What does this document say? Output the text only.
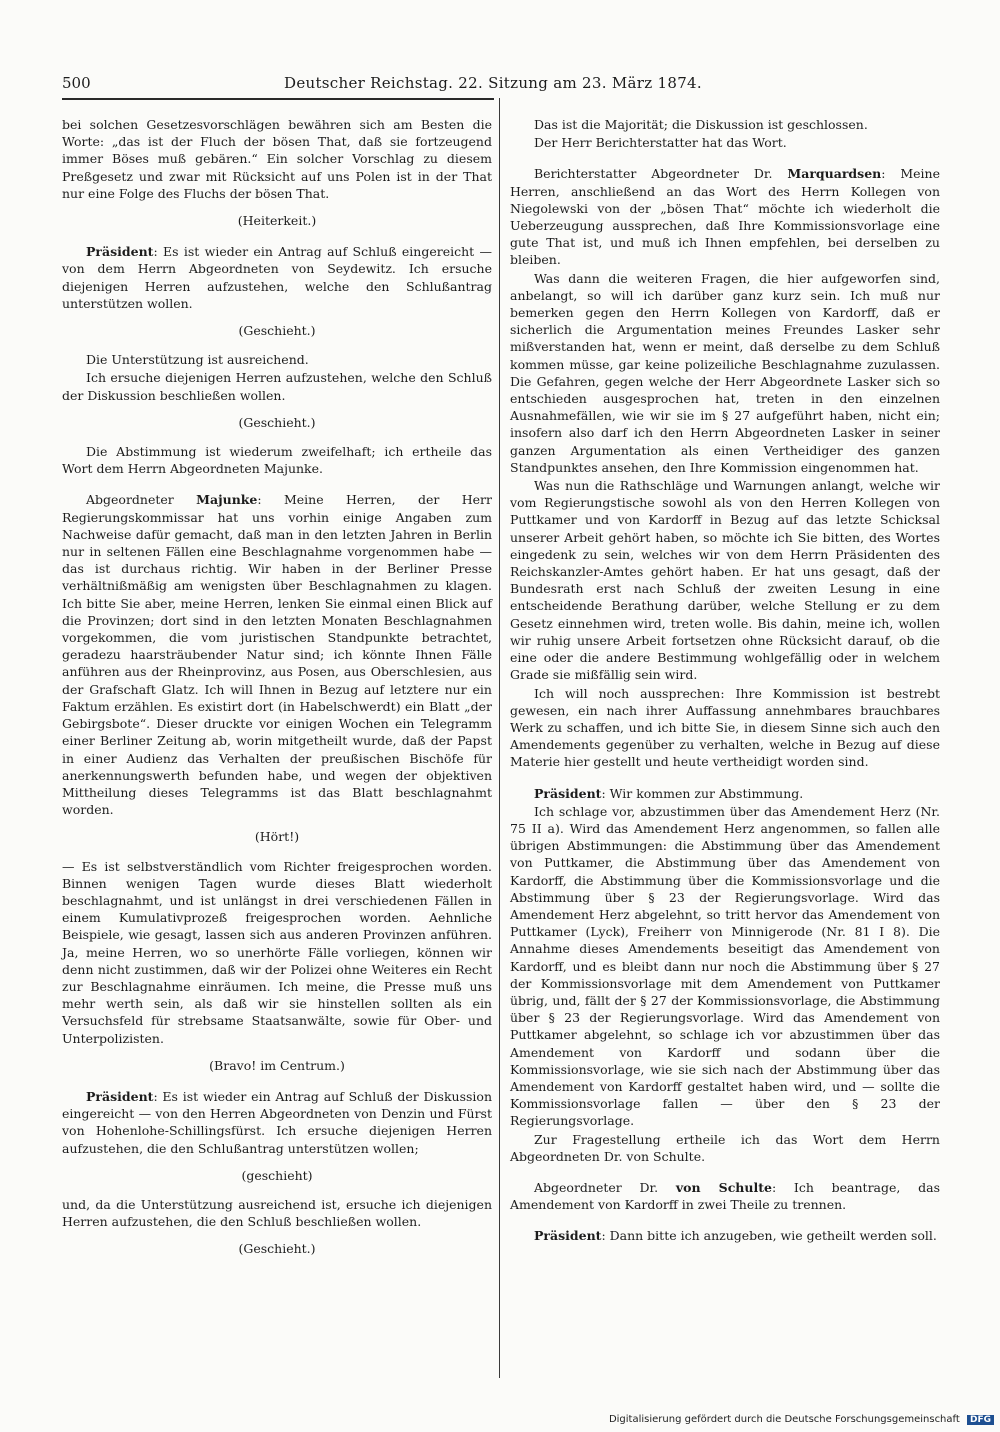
500	Deutscher Reichstag. 22. Sitzung am 23. März 1874.

bei solchen Gesetzesvorschlägen bewähren sich am Besten die Worte: „das ist der Fluch der bösen That, daß sie fortzeugend immer Böses muß gebären.“ Ein solcher Vorschlag zu diesem Preßgesetz und zwar mit Rücksicht auf uns Polen ist in der That nur eine Folge des Fluchs der bösen That.

(Heiterkeit.)

Präsident: Es ist wieder ein Antrag auf Schluß eingereicht — von dem Herrn Abgeordneten von Seydewitz. Ich ersuche diejenigen Herren aufzustehen, welche den Schlußantrag unterstützen wollen.

(Geschieht.)

Die Unterstützung ist ausreichend.

Ich ersuche diejenigen Herren aufzustehen, welche den Schluß der Diskussion beschließen wollen.

(Geschieht.)

Die Abstimmung ist wiederum zweifelhaft; ich ertheile das Wort dem Herrn Abgeordneten Majunke.

Abgeordneter Majunke: Meine Herren, der Herr Regierungskommissar hat uns vorhin einige Angaben zum Nachweise dafür gemacht, daß man in den letzten Jahren in Berlin nur in seltenen Fällen eine Beschlagnahme vorgenommen habe — das ist durchaus richtig. Wir haben in der Berliner Presse verhältnißmäßig am wenigsten über Beschlagnahmen zu klagen. Ich bitte Sie aber, meine Herren, lenken Sie einmal einen Blick auf die Provinzen; dort sind in den letzten Monaten Beschlagnahmen vorgekommen, die vom juristischen Standpunkte betrachtet, geradezu haarsträubender Natur sind; ich könnte Ihnen Fälle anführen aus der Rheinprovinz, aus Posen, aus Oberschlesien, aus der Grafschaft Glatz. Ich will Ihnen in Bezug auf letztere nur ein Faktum erzählen. Es existirt dort (in Habelschwerdt) ein Blatt „der Gebirgsbote“. Dieser druckte vor einigen Wochen ein Telegramm einer Berliner Zeitung ab, worin mitgetheilt wurde, daß der Papst in einer Audienz das Verhalten der preußischen Bischöfe für anerkennungswerth befunden habe, und wegen der objektiven Mittheilung dieses Telegramms ist das Blatt beschlagnahmt worden.

(Hört!)

— Es ist selbstverständlich vom Richter freigesprochen worden. Binnen wenigen Tagen wurde dieses Blatt wiederholt beschlagnahmt, und ist unlängst in drei verschiedenen Fällen in einem Kumulativprozeß freigesprochen worden. Aehnliche Beispiele, wie gesagt, lassen sich aus anderen Provinzen anführen. Ja, meine Herren, wo so unerhörte Fälle vorliegen, können wir denn nicht zustimmen, daß wir der Polizei ohne Weiteres ein Recht zur Beschlagnahme einräumen. Ich meine, die Presse muß uns mehr werth sein, als daß wir sie hinstellen sollten als ein Versuchsfeld für strebsame Staatsanwälte, sowie für Ober- und Unterpolizisten.

(Bravo! im Centrum.)

Präsident: Es ist wieder ein Antrag auf Schluß der Diskussion eingereicht — von den Herren Abgeordneten von Denzin und Fürst von Hohenlohe-Schillingsfürst. Ich ersuche diejenigen Herren aufzustehen, die den Schlußantrag unterstützen wollen;

(geschieht)

und, da die Unterstützung ausreichend ist, ersuche ich diejenigen Herren aufzustehen, die den Schluß beschließen wollen.

(Geschieht.)

Das ist die Majorität; die Diskussion ist geschlossen.

Der Herr Berichterstatter hat das Wort.

Berichterstatter Abgeordneter Dr. Marquardsen: Meine Herren, anschließend an das Wort des Herrn Kollegen von Niegolewski von der „bösen That“ möchte ich wiederholt die Ueberzeugung aussprechen, daß Ihre Kommissionsvorlage eine gute That ist, und muß ich Ihnen empfehlen, bei derselben zu bleiben.

Was dann die weiteren Fragen, die hier aufgeworfen sind, anbelangt, so will ich darüber ganz kurz sein. Ich muß nur bemerken gegen den Herrn Kollegen von Kardorff, daß er sicherlich die Argumentation meines Freundes Lasker sehr mißverstanden hat, wenn er meint, daß derselbe zu dem Schluß kommen müsse, gar keine polizeiliche Beschlagnahme zuzulassen. Die Gefahren, gegen welche der Herr Abgeordnete Lasker sich so entschieden ausgesprochen hat, treten in den einzelnen Ausnahmefällen, wie wir sie im § 27 aufgeführt haben, nicht ein; insofern also darf ich den Herrn Abgeordneten Lasker in seiner ganzen Argumentation als einen Vertheidiger des ganzen Standpunktes ansehen, den Ihre Kommission eingenommen hat.

Was nun die Rathschläge und Warnungen anlangt, welche wir vom Regierungstische sowohl als von den Herren Kollegen von Puttkamer und von Kardorff in Bezug auf das letzte Schicksal unserer Arbeit gehört haben, so möchte ich Sie bitten, des Wortes eingedenk zu sein, welches wir von dem Herrn Präsidenten des Reichskanzler-Amtes gehört haben. Er hat uns gesagt, daß der Bundesrath erst nach Schluß der zweiten Lesung in eine entscheidende Berathung darüber, welche Stellung er zu dem Gesetz einnehmen wird, treten wolle. Bis dahin, meine ich, wollen wir ruhig unsere Arbeit fortsetzen ohne Rücksicht darauf, ob die eine oder die andere Bestimmung wohlgefällig oder in welchem Grade sie mißfällig sein wird.

Ich will noch aussprechen: Ihre Kommission ist bestrebt gewesen, ein nach ihrer Auffassung annehmbares brauchbares Werk zu schaffen, und ich bitte Sie, in diesem Sinne sich auch den Amendements gegenüber zu verhalten, welche in Bezug auf diese Materie hier gestellt und heute vertheidigt worden sind.

Präsident: Wir kommen zur Abstimmung.

Ich schlage vor, abzustimmen über das Amendement Herz (Nr. 75 II a). Wird das Amendement Herz angenommen, so fallen alle übrigen Abstimmungen: die Abstimmung über das Amendement von Puttkamer, die Abstimmung über das Amendement von Kardorff, die Abstimmung über die Kommissionsvorlage und die Abstimmung über § 23 der Regierungsvorlage. Wird das Amendement Herz abgelehnt, so tritt hervor das Amendement von Puttkamer (Lyck), Freiherr von Minnigerode (Nr. 81 I 8). Die Annahme dieses Amendements beseitigt das Amendement von Kardorff, und es bleibt dann nur noch die Abstimmung über § 27 der Kommissionsvorlage mit dem Amendement von Puttkamer übrig, und, fällt der § 27 der Kommissionsvorlage, die Abstimmung über § 23 der Regierungsvorlage. Wird das Amendement von Puttkamer abgelehnt, so schlage ich vor abzustimmen über das Amendement von Kardorff und sodann über die Kommissionsvorlage, wie sie sich nach der Abstimmung über das Amendement von Kardorff gestaltet haben wird, und — sollte die Kommissionsvorlage fallen — über den § 23 der Regierungsvorlage.

Zur Fragestellung ertheile ich das Wort dem Herrn Abgeordneten Dr. von Schulte.

Abgeordneter Dr. von Schulte: Ich beantrage, das Amendement von Kardorff in zwei Theile zu trennen.

Präsident: Dann bitte ich anzugeben, wie getheilt werden soll.

Digitalisierung gefördert durch die Deutsche Forschungsgemeinschaft DFG
